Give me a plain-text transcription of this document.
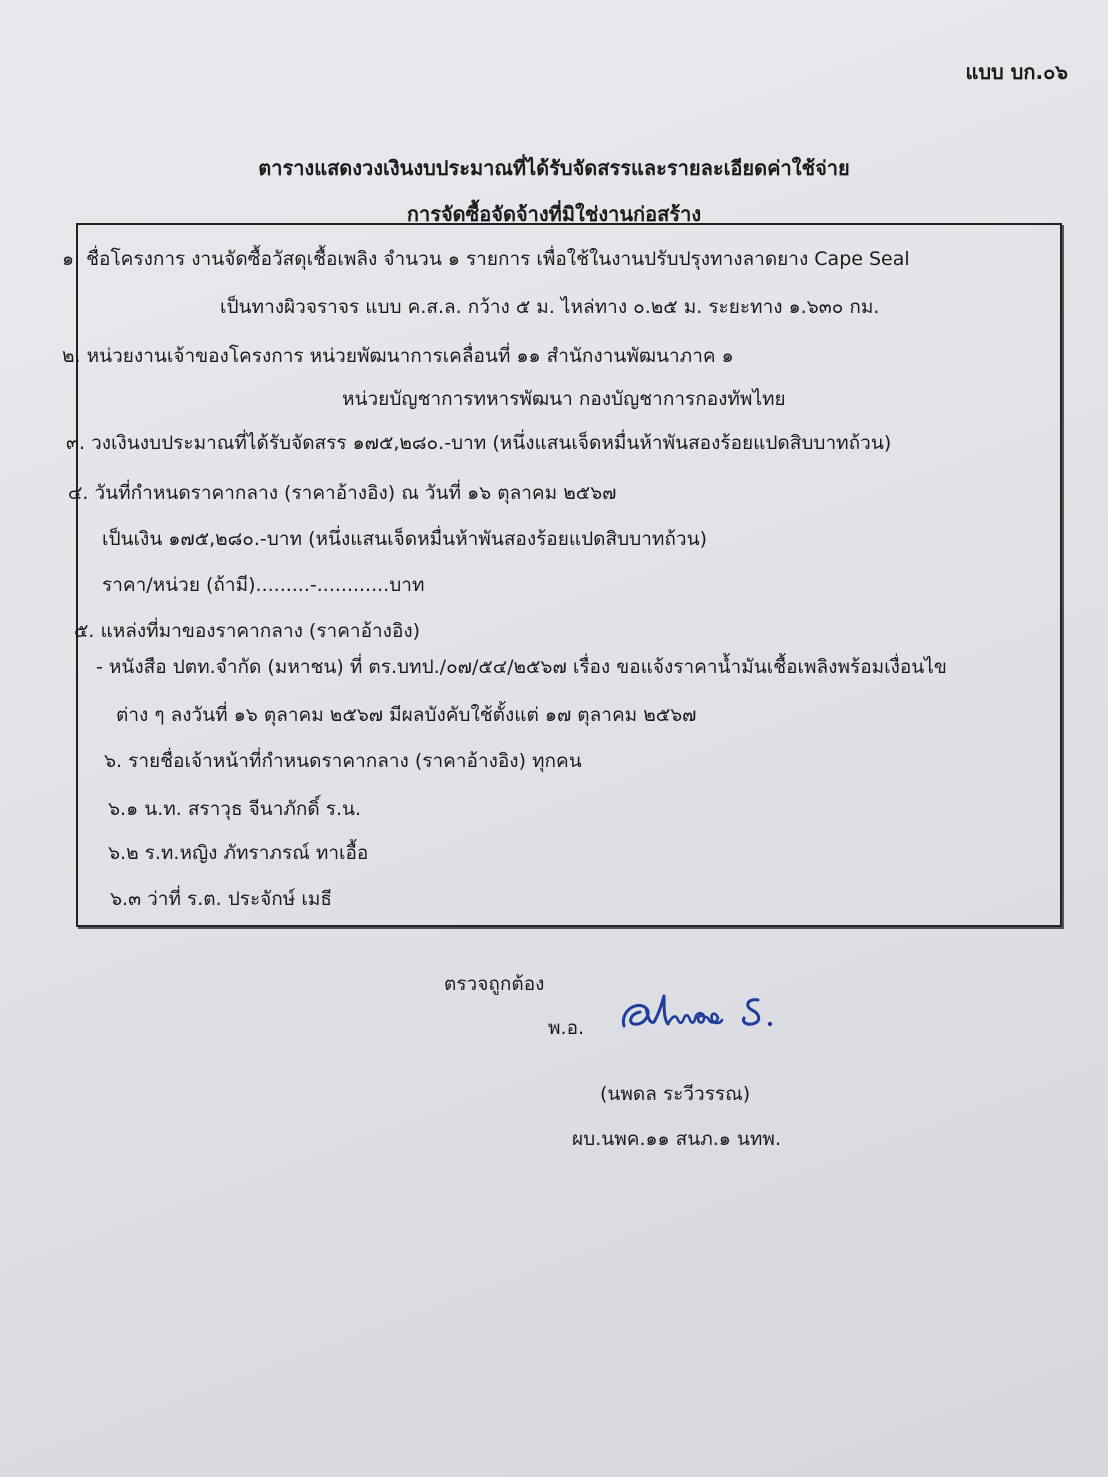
แบบ บก.๐๖
ตารางแสดงวงเงินงบประมาณที่ได้รับจัดสรรและรายละเอียดค่าใช้จ่าย
การจัดซื้อจัดจ้างที่มิใช่งานก่อสร้าง
๑. ชื่อโครงการ งานจัดซื้อวัสดุเชื้อเพลิง จำนวน ๑ รายการ เพื่อใช้ในงานปรับปรุงทางลาดยาง Cape Seal
เป็นทางผิวจราจร แบบ ค.ส.ล. กว้าง ๕ ม. ไหล่ทาง ๐.๒๕ ม. ระยะทาง ๑.๖๓๐ กม.
๒. หน่วยงานเจ้าของโครงการ หน่วยพัฒนาการเคลื่อนที่ ๑๑ สำนักงานพัฒนาภาค ๑
หน่วยบัญชาการทหารพัฒนา กองบัญชาการกองทัพไทย
๓. วงเงินงบประมาณที่ได้รับจัดสรร ๑๗๕,๒๘๐.-บาท (หนึ่งแสนเจ็ดหมื่นห้าพันสองร้อยแปดสิบบาทถ้วน)
๔. วันที่กำหนดราคากลาง (ราคาอ้างอิง) ณ วันที่ ๑๖ ตุลาคม ๒๕๖๗
เป็นเงิน ๑๗๕,๒๘๐.-บาท (หนึ่งแสนเจ็ดหมื่นห้าพันสองร้อยแปดสิบบาทถ้วน)
ราคา/หน่วย (ถ้ามี).........-............บาท
๕. แหล่งที่มาของราคากลาง (ราคาอ้างอิง)
- หนังสือ ปตท.จำกัด (มหาชน) ที่ ตร.บทป./๐๗/๕๔/๒๕๖๗ เรื่อง ขอแจ้งราคาน้ำมันเชื้อเพลิงพร้อมเงื่อนไข
ต่าง ๆ ลงวันที่ ๑๖ ตุลาคม ๒๕๖๗ มีผลบังคับใช้ตั้งแต่ ๑๗ ตุลาคม ๒๕๖๗
๖. รายชื่อเจ้าหน้าที่กำหนดราคากลาง (ราคาอ้างอิง) ทุกคน
๖.๑ น.ท. สราวุธ จีนาภักดิ์ ร.น.
๖.๒ ร.ท.หญิง ภัทราภรณ์ ทาเอื้อ
๖.๓ ว่าที่ ร.ต. ประจักษ์ เมธี
ตรวจถูกต้อง
พ.อ.
(นพดล ระวีวรรณ)
ผบ.นพค.๑๑ สนภ.๑ นทพ.
